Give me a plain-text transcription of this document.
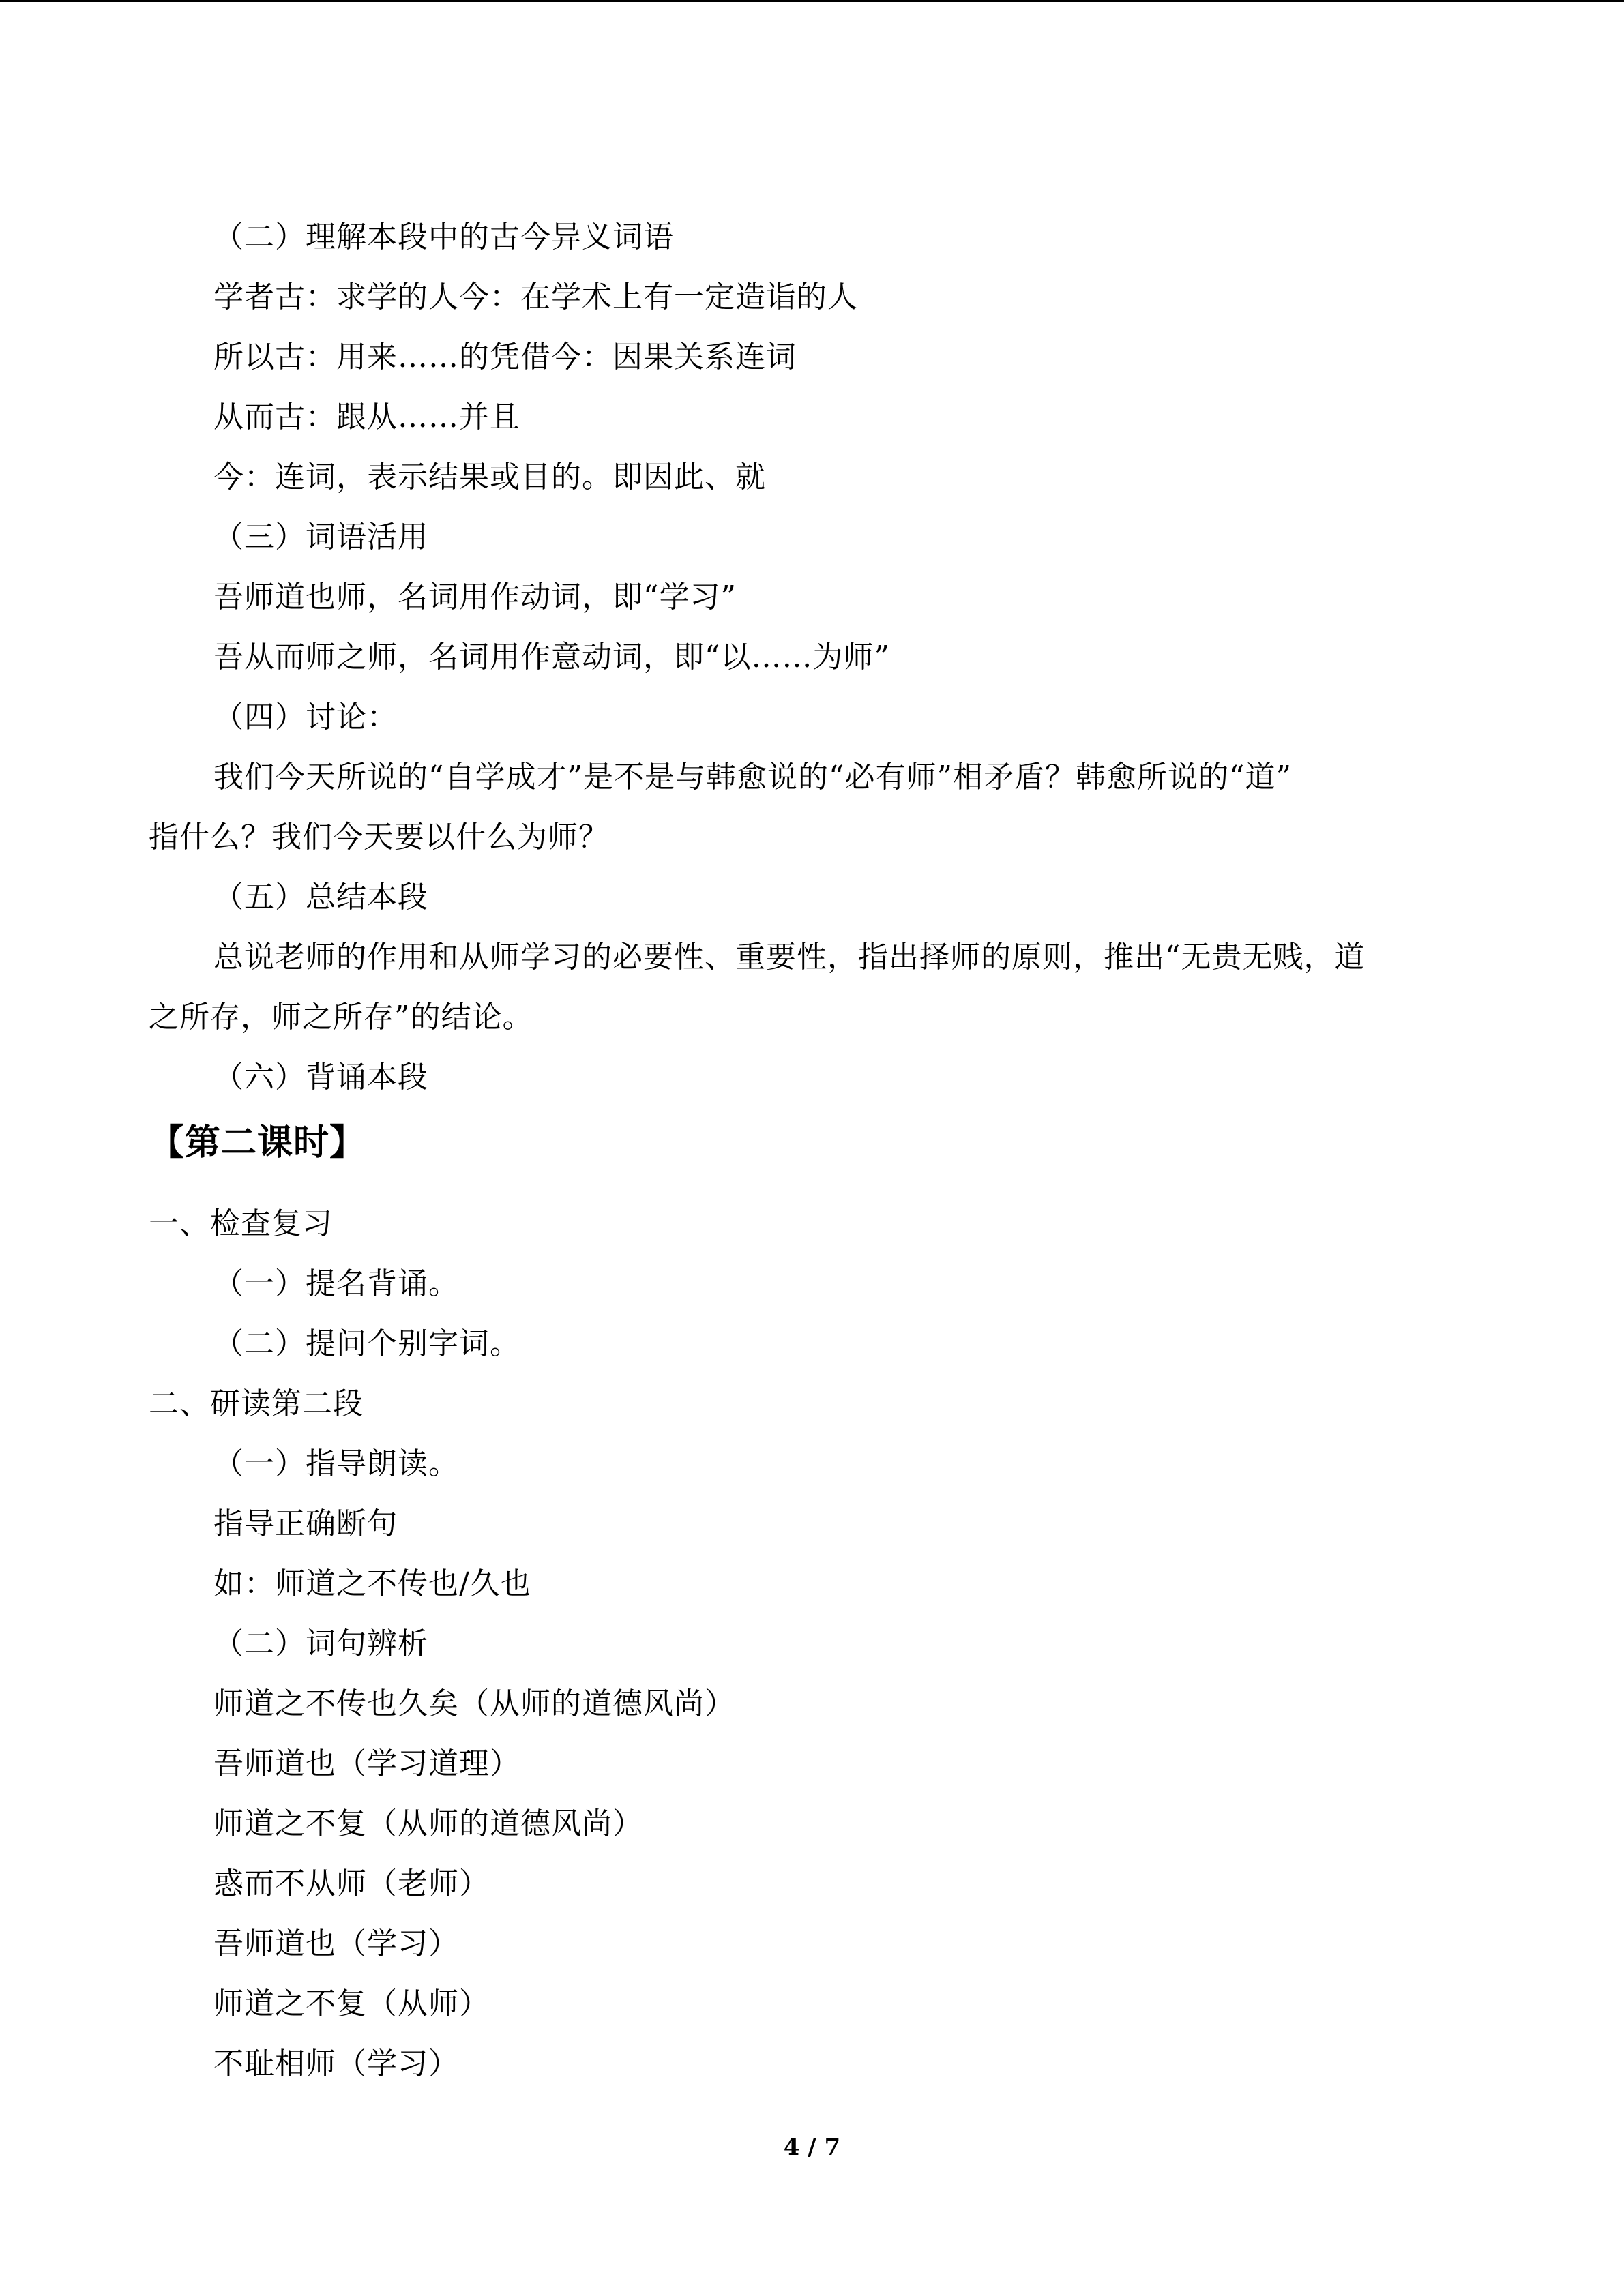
（二）理解本段中的古今异义词语
学者古：求学的人今：在学术上有一定造诣的人
所以古：用来……的凭借今：因果关系连词
从而古：跟从……并且
今：连词，表示结果或目的。即因此、就
（三）词语活用
吾师道也师，名词用作动词，即“学习”
吾从而师之师，名词用作意动词，即“以……为师”
（四）讨论：
我们今天所说的“自学成才”是不是与韩愈说的“必有师”相矛盾？韩愈所说的“道”
指什么？我们今天要以什么为师？
（五）总结本段
总说老师的作用和从师学习的必要性、重要性，指出择师的原则，推出“无贵无贱，道
之所存，师之所存”的结论。
（六）背诵本段
【第二课时】
一、检查复习
（一）提名背诵。
（二）提问个别字词。
二、研读第二段
（一）指导朗读。
指导正确断句
如：师道之不传也/久也
（二）词句辨析
师道之不传也久矣（从师的道德风尚）
吾师道也（学习道理）
师道之不复（从师的道德风尚）
惑而不从师（老师）
吾师道也（学习）
师道之不复（从师）
不耻相师（学习）
4 / 7
